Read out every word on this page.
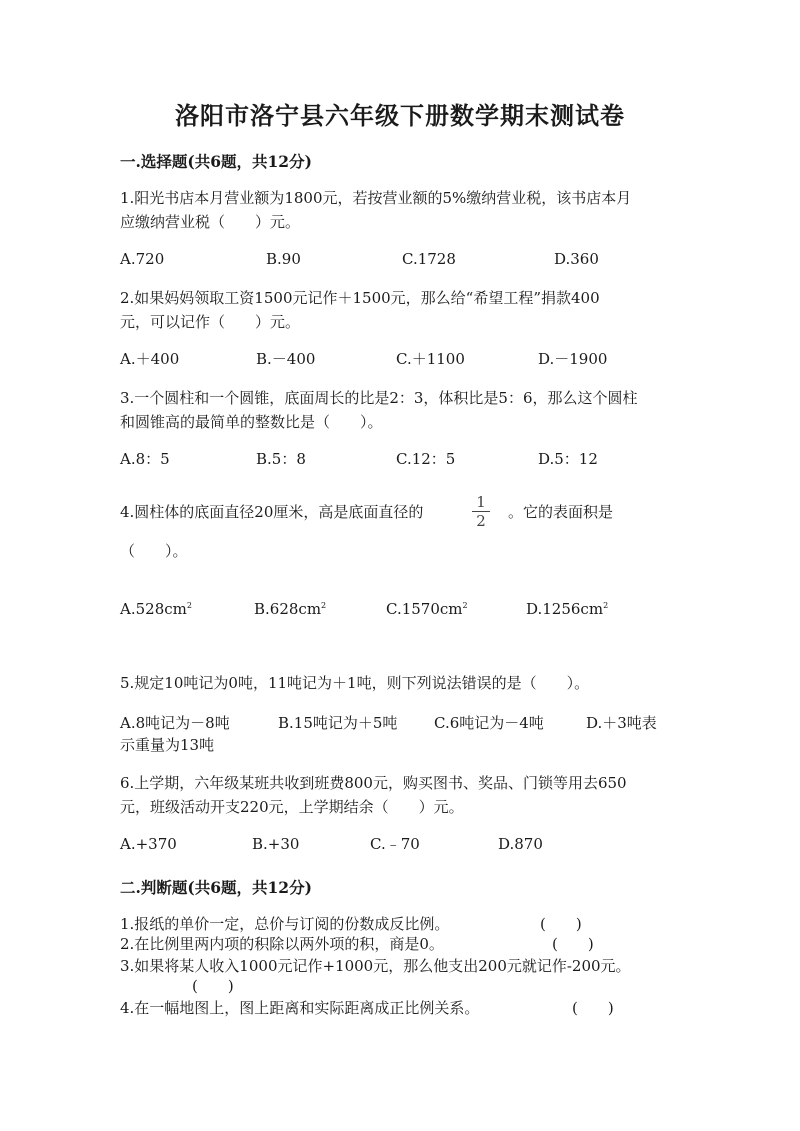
洛阳市洛宁县六年级下册数学期末测试卷
一.选择题(共6题，共12分)
1.阳光书店本月营业额为1800元，若按营业额的5%缴纳营业税，该书店本月
应缴纳营业税（　　）元。
A.720	B.90	C.1728	D.360
2.如果妈妈领取工资1500元记作＋1500元，那么给“希望工程”捐款400
元，可以记作（　　）元。
A.＋400	B.－400	C.＋1100	D.－1900
3.一个圆柱和一个圆锥，底面周长的比是2：3，体积比是5：6，那么这个圆柱
和圆锥高的最简单的整数比是（　　）。
A.8：5	B.5：8	C.12：5	D.5：12
4.圆柱体的底面直径20厘米，高是底面直径的
1
2	。它的表面积是
（　　）。
$A.528cm^2$	$B.628cm^2$	$C.1570cm^2$	$D.1256cm^2$
5.规定10吨记为0吨，11吨记为＋1吨，则下列说法错误的是（　　）。
A.8吨记为－8吨	B.15吨记为＋5吨 C.6吨记为－4吨	D.＋3吨表
示重量为13吨
6.上学期，六年级某班共收到班费800元，购买图书、奖品、门锁等用去650
元，班级活动开支220元，上学期结余（　　）元。
A.+370	B.+30	C.﹣70	D.870
二.判断题(共6题，共12分)
1.报纸的单价一定，总价与订阅的份数成反比例。	(　　)
2.在比例里两内项的积除以两外项的积，商是0。	(　　)
3.如果将某人收入1000元记作+1000元，那么他支出200元就记作-200元。
(　　)
4.在一幅地图上，图上距离和实际距离成正比例关系。	(　　)
